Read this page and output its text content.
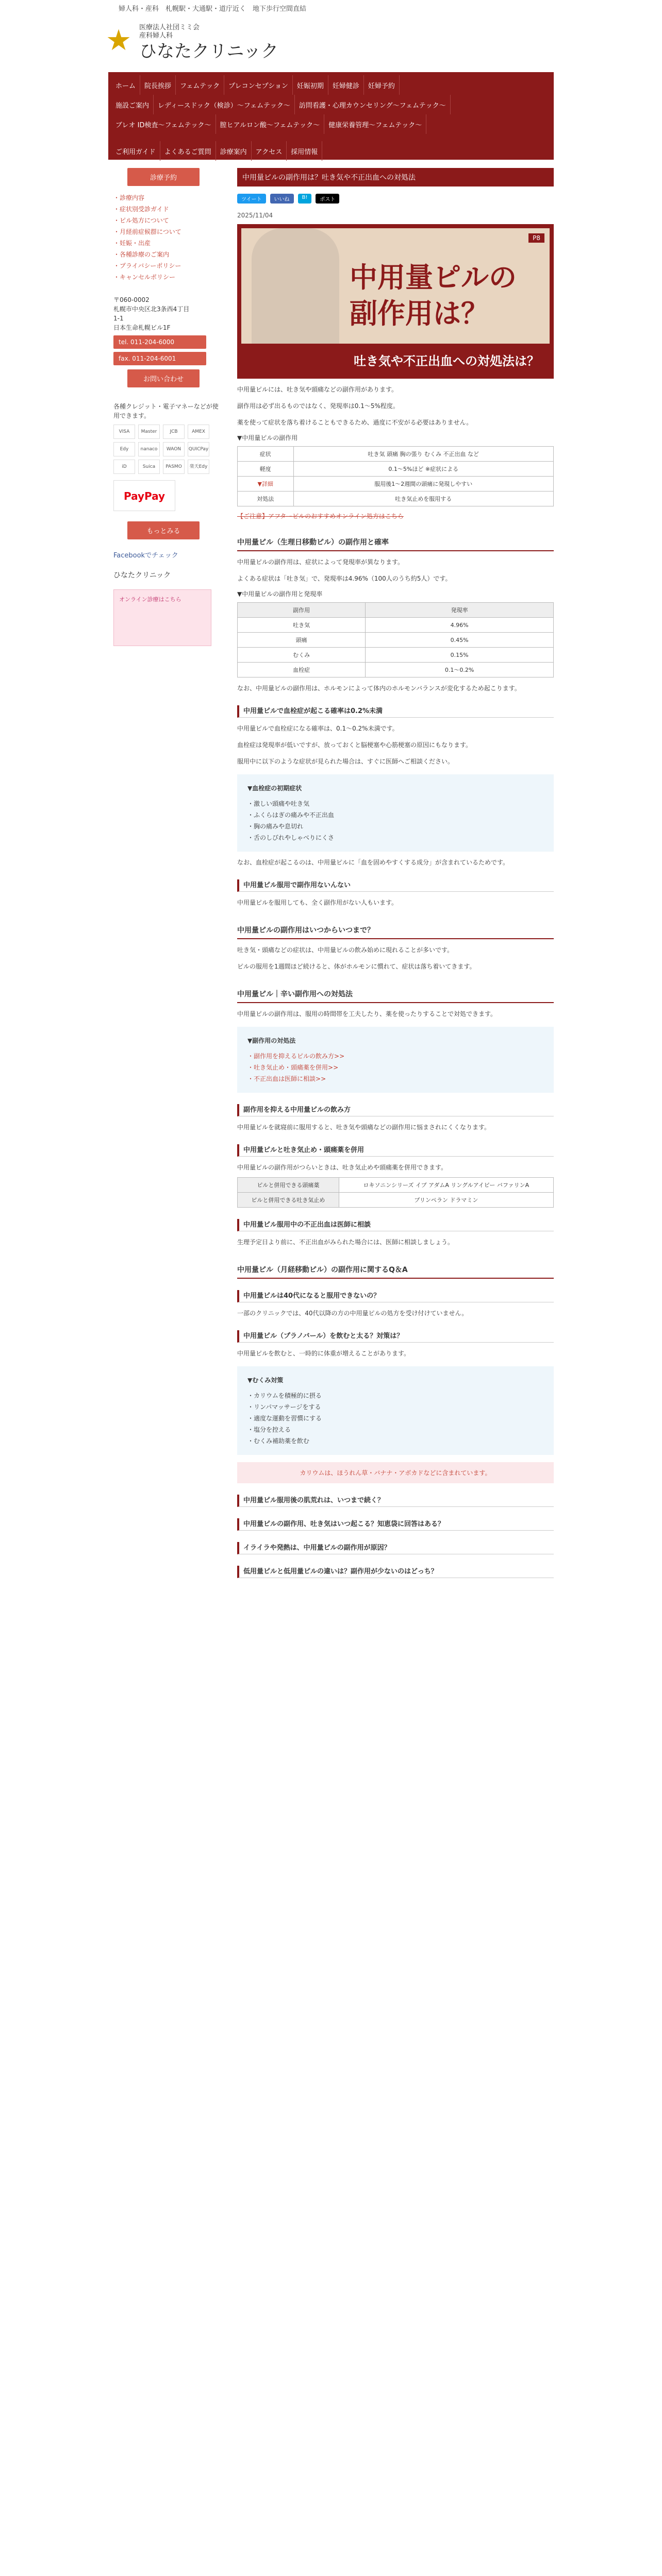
婦人科・産科　札幌駅・大通駅・道庁近く　地下歩行空間直結
★ 医療法人社団ミミ会
産科婦人科
ひなたクリニック
ホーム	院長挨拶	フェムテック	プレコンセプション	妊娠初期	妊婦健診	妊婦予約
施設ご案内	レディースドック（検診）〜フェムテック〜	訪問看護・心理カウンセリング〜フェムテック〜
ブレオ ID検査〜フェムテック〜	膣ヒアルロン酸〜フェムテック〜	健康栄養管理〜フェムテック〜
ご利用ガイド	よくあるご質問	診療案内	アクセス	採用情報
診療予約
・ 診療内容
・ 症状別受診ガイド
・ ピル処方について
・ 月経前症候群について
・ 妊娠・出産
・ 各種診療のご案内
・ プライバシーポリシー
・ キャンセルポリシー
〒060-0002
札幌市中央区北3条西4丁目
1-1
日本生命札幌ビル1F
tel. 011-204-6000
fax. 011-204-6001
お問い合わせ
各種クレジット・電子マネーなどが使用できます。
VISA	Master	JCB	AMEX
Edy	nanaco	WAON	QUICPay
iD	Suica	PASMO	楽天Edy
PayPay
もっとみる
Facebookでチェック
ひなたクリニック
オンライン診療はこちら
中用量ピルの副作用は？吐き気や不正出血への対処法
ツイート	いいね	B!	ポスト
2025/11/04
P8
中用量ピルの
副作用は？
吐き気や不正出血への対処法は？

中用量ピルには、吐き気や頭痛などの副作用があります。

副作用は必ず出るものではなく、発現率は0.1〜5%程度。

薬を使って症状を落ち着けることもできるため、過度に不安がる必要はありません。

▼中用量ピルの副作用

症状	吐き気 頭痛 胸の張り むくみ 不正出血 など
軽度	0.1〜5%ほど ※症状による
▼詳細	服用後1〜2週間の頭痛に発現しやすい
対処法	吐き気止めを服用する

【ご注意】アフターピルのおすすめオンライン処方はこちら

中用量ピル（生理日移動ピル）の副作用と確率

中用量ピルの副作用は、症状によって発現率が異なります。

よくある症状は「吐き気」で、発現率は4.96%（100人のうち約5人）です。

▼中用量ピルの副作用と発現率

副作用	発現率
吐き気	4.96%
頭痛	0.45%
むくみ	0.15%
血栓症	0.1〜0.2%

なお、中用量ピルの副作用は、ホルモンによって体内のホルモンバランスが変化するため起こります。

中用量ピルで血栓症が起こる確率は0.2%未満

中用量ピルで血栓症になる確率は、0.1〜0.2%未満です。

血栓症は発現率が低いですが、放っておくと脳梗塞や心筋梗塞の原因にもなります。

服用中に以下のような症状が見られた場合は、すぐに医師へご相談ください。

▼血栓症の初期症状
・ 激しい頭痛や吐き気
・ ふくらはぎの痛みや不正出血
・ 胸の痛みや息切れ
・ 舌のしびれやしゃべりにくさ

なお、血栓症が起こるのは、中用量ピルに「血を固めやすくする成分」が含まれているためです。

中用量ピル服用で副作用ないんない

中用量ピルを服用しても、全く副作用がない人もいます。

中用量ピルの副作用はいつからいつまで？

吐き気・頭痛などの症状は、中用量ピルの飲み始めに現れることが多いです。

ピルの服用を1週間ほど続けると、体がホルモンに慣れて、症状は落ち着いてきます。

中用量ピル｜辛い副作用への対処法

中用量ピルの副作用は、服用の時間帯を工夫したり、薬を使ったりすることで対処できます。

▼副作用の対処法
・ 副作用を抑えるピルの飲み方>>
・ 吐き気止め・頭痛薬を併用>>
・ 不正出血は医師に相談>>
副作用を抑える中用量ピルの飲み方

中用量ピルを就寝前に服用すると、吐き気や頭痛などの副作用に悩まされにくくなります。

中用量ピルと吐き気止め・頭痛薬を併用

中用量ピルの副作用がつらいときは、吐き気止めや頭痛薬を併用できます。

ピルと併用できる頭痛薬	ロキソニンシリーズ イブ アダムA リングルアイビー バファリンA
ピルと併用できる吐き気止め	プリンペラン ドラマミン
中用量ピル服用中の不正出血は医師に相談

生理予定日より前に、不正出血がみられた場合には、医師に相談しましょう。

中用量ピル（月経移動ピル）の副作用に関するQ＆A
中用量ピルは40代になると服用できないの？

一部のクリニックでは、40代以降の方の中用量ピルの処方を受け付けていません。

中用量ピル（プラノバール）を飲むと太る？対策は？

中用量ピルを飲むと、一時的に体重が増えることがあります。

▼むくみ対策
・ カリウムを積極的に摂る
・ リンパマッサージをする
・ 適度な運動を習慣にする
・ 塩分を控える
・ むくみ補助薬を飲む
カリウムは、ほうれん草・バナナ・アボカドなどに含まれています。
中用量ピル服用後の肌荒れは、いつまで続く？
中用量ピルの副作用、吐き気はいつ起こる？知恵袋に回答はある？
イライラや発熱は、中用量ピルの副作用が原因？
低用量ピルと低用量ピルの違いは？副作用が少ないのはどっち？
